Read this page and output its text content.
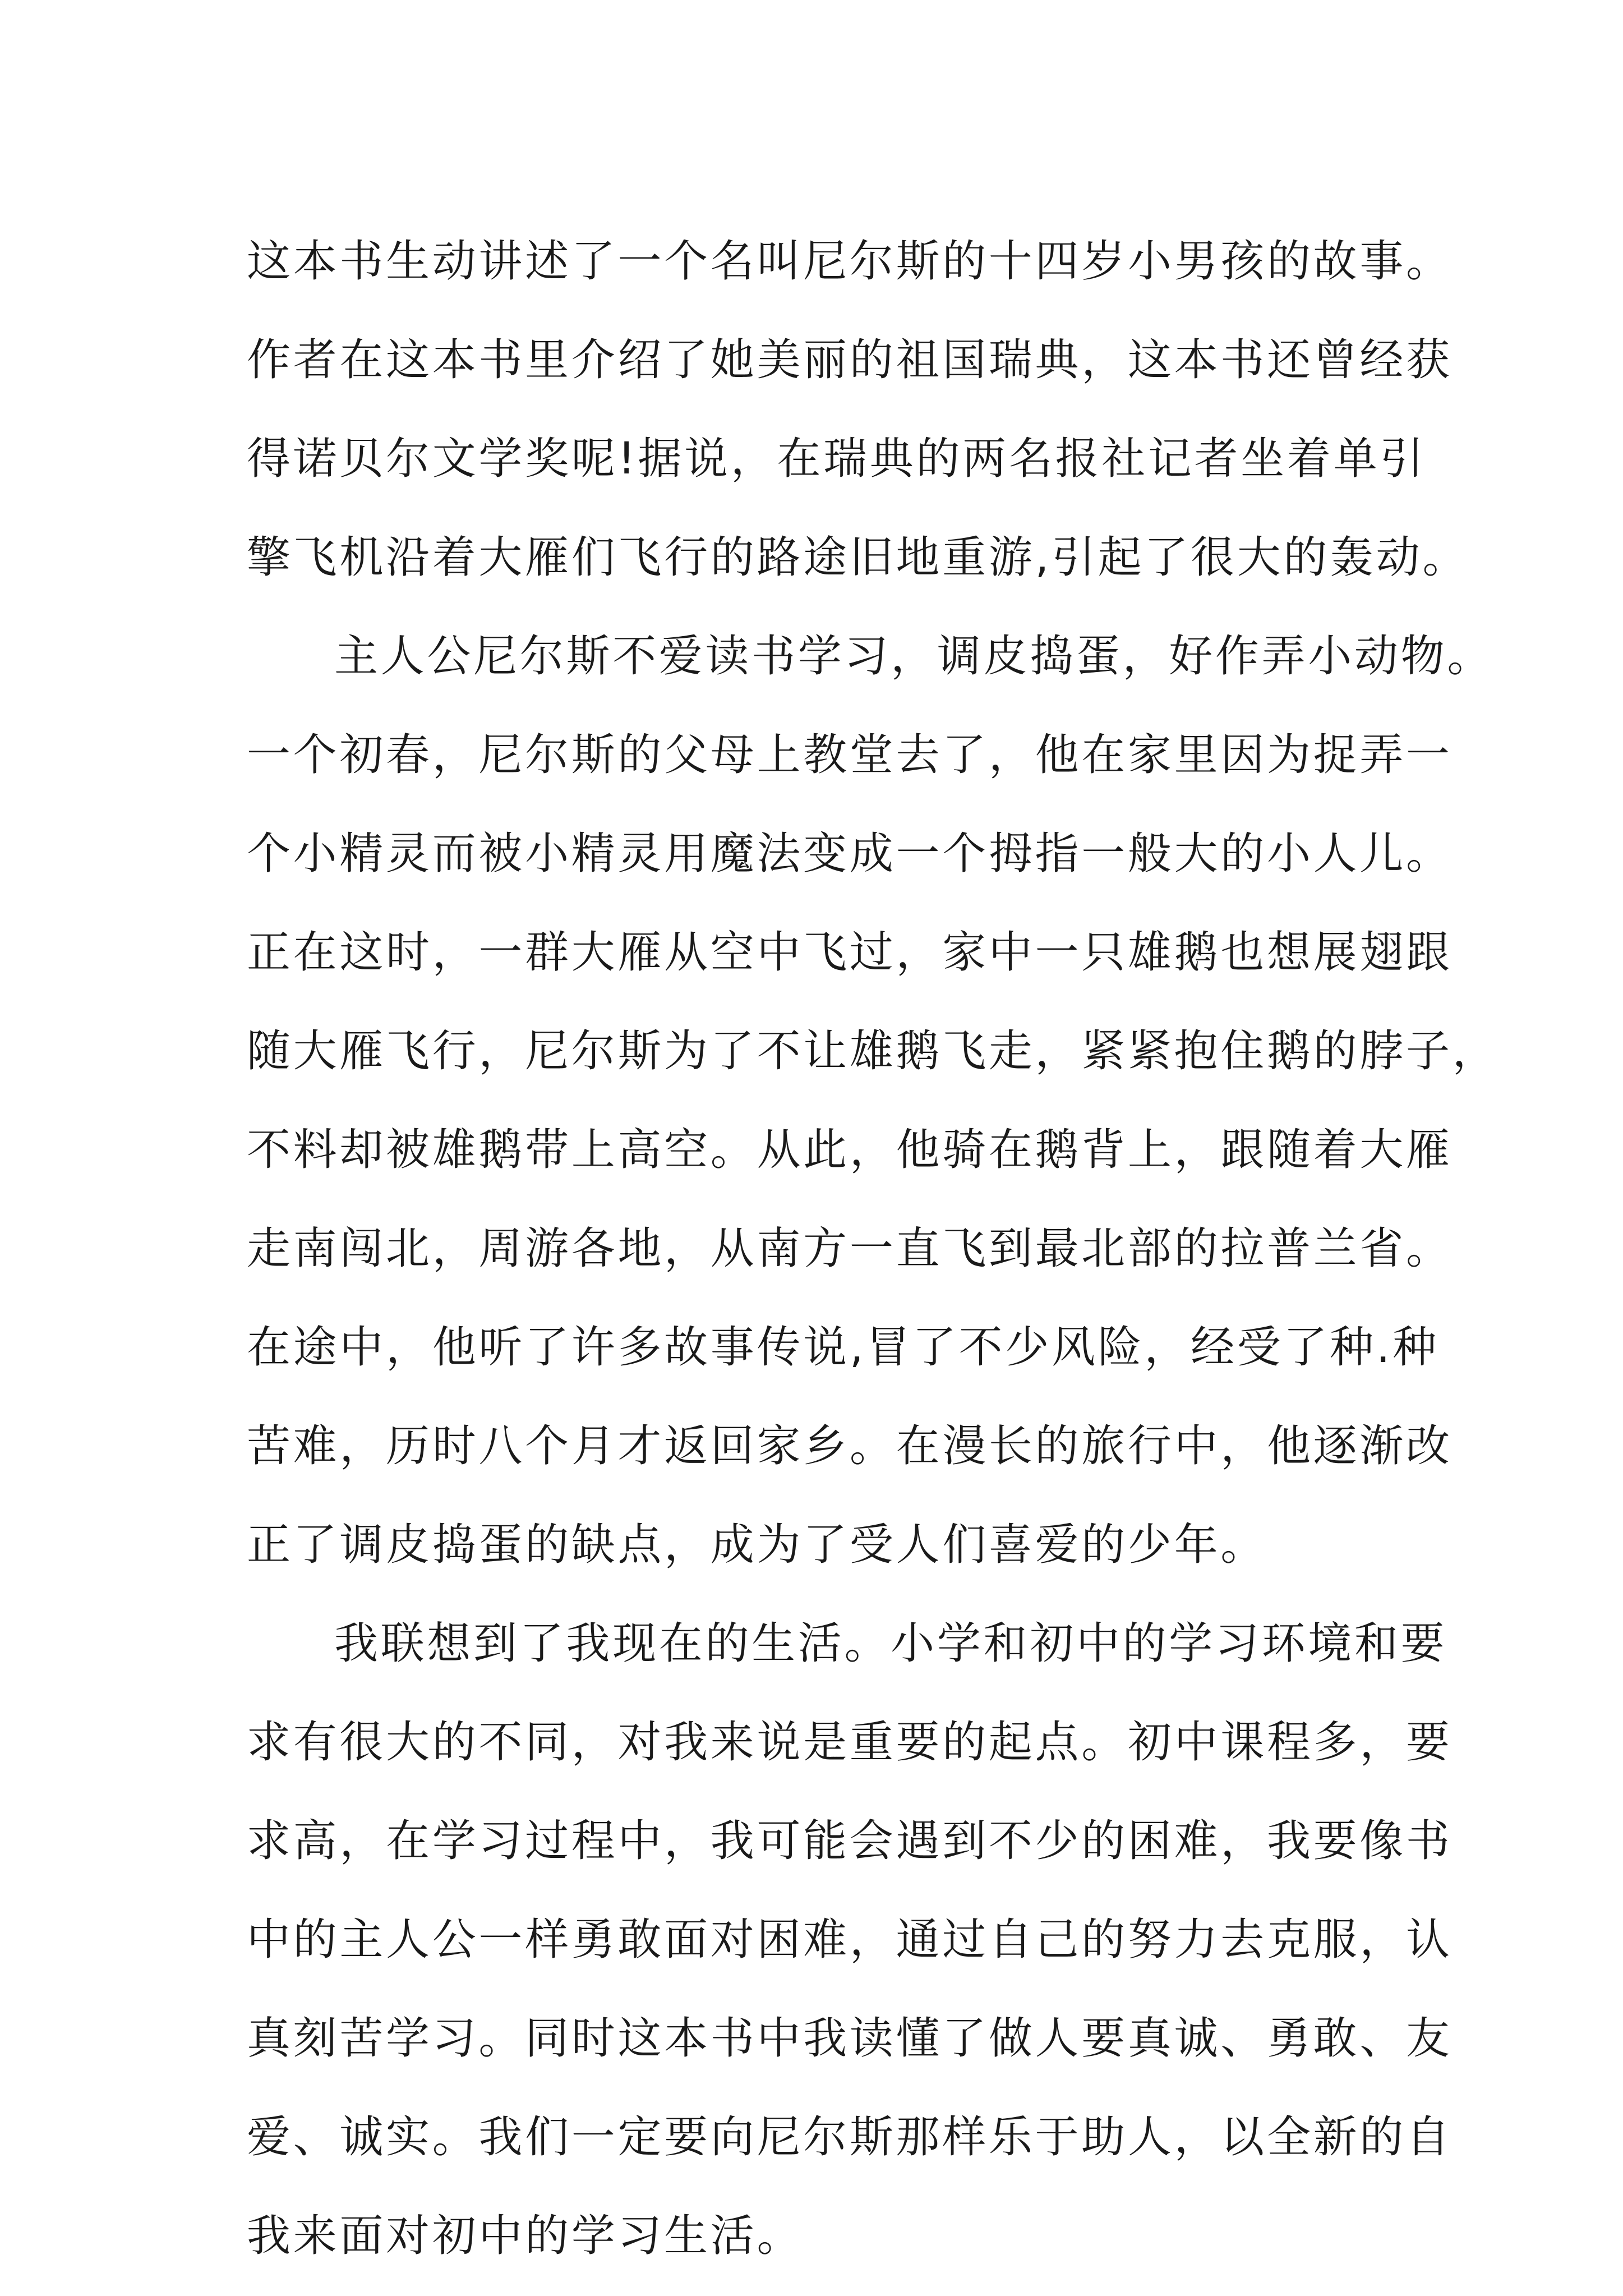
这本书生动讲述了一个名叫尼尔斯的十四岁小男孩的故事。
作者在这本书里介绍了她美丽的祖国瑞典，这本书还曾经获
得诺贝尔文学奖呢!据说，在瑞典的两名报社记者坐着单引
擎飞机沿着大雁们飞行的路途旧地重游,引起了很大的轰动。
主人公尼尔斯不爱读书学习，调皮捣蛋，好作弄小动物。
一个初春，尼尔斯的父母上教堂去了，他在家里因为捉弄一
个小精灵而被小精灵用魔法变成一个拇指一般大的小人儿。
正在这时，一群大雁从空中飞过，家中一只雄鹅也想展翅跟
随大雁飞行，尼尔斯为了不让雄鹅飞走，紧紧抱住鹅的脖子，
不料却被雄鹅带上高空。从此，他骑在鹅背上，跟随着大雁
走南闯北，周游各地，从南方一直飞到最北部的拉普兰省。
在途中，他听了许多故事传说,冒了不少风险，经受了种.种
苦难，历时八个月才返回家乡。在漫长的旅行中，他逐渐改
正了调皮捣蛋的缺点，成为了受人们喜爱的少年。
我联想到了我现在的生活。小学和初中的学习环境和要
求有很大的不同，对我来说是重要的起点。初中课程多，要
求高，在学习过程中，我可能会遇到不少的困难，我要像书
中的主人公一样勇敢面对困难，通过自己的努力去克服，认
真刻苦学习。同时这本书中我读懂了做人要真诚、勇敢、友
爱、诚实。我们一定要向尼尔斯那样乐于助人，以全新的自
我来面对初中的学习生活。
